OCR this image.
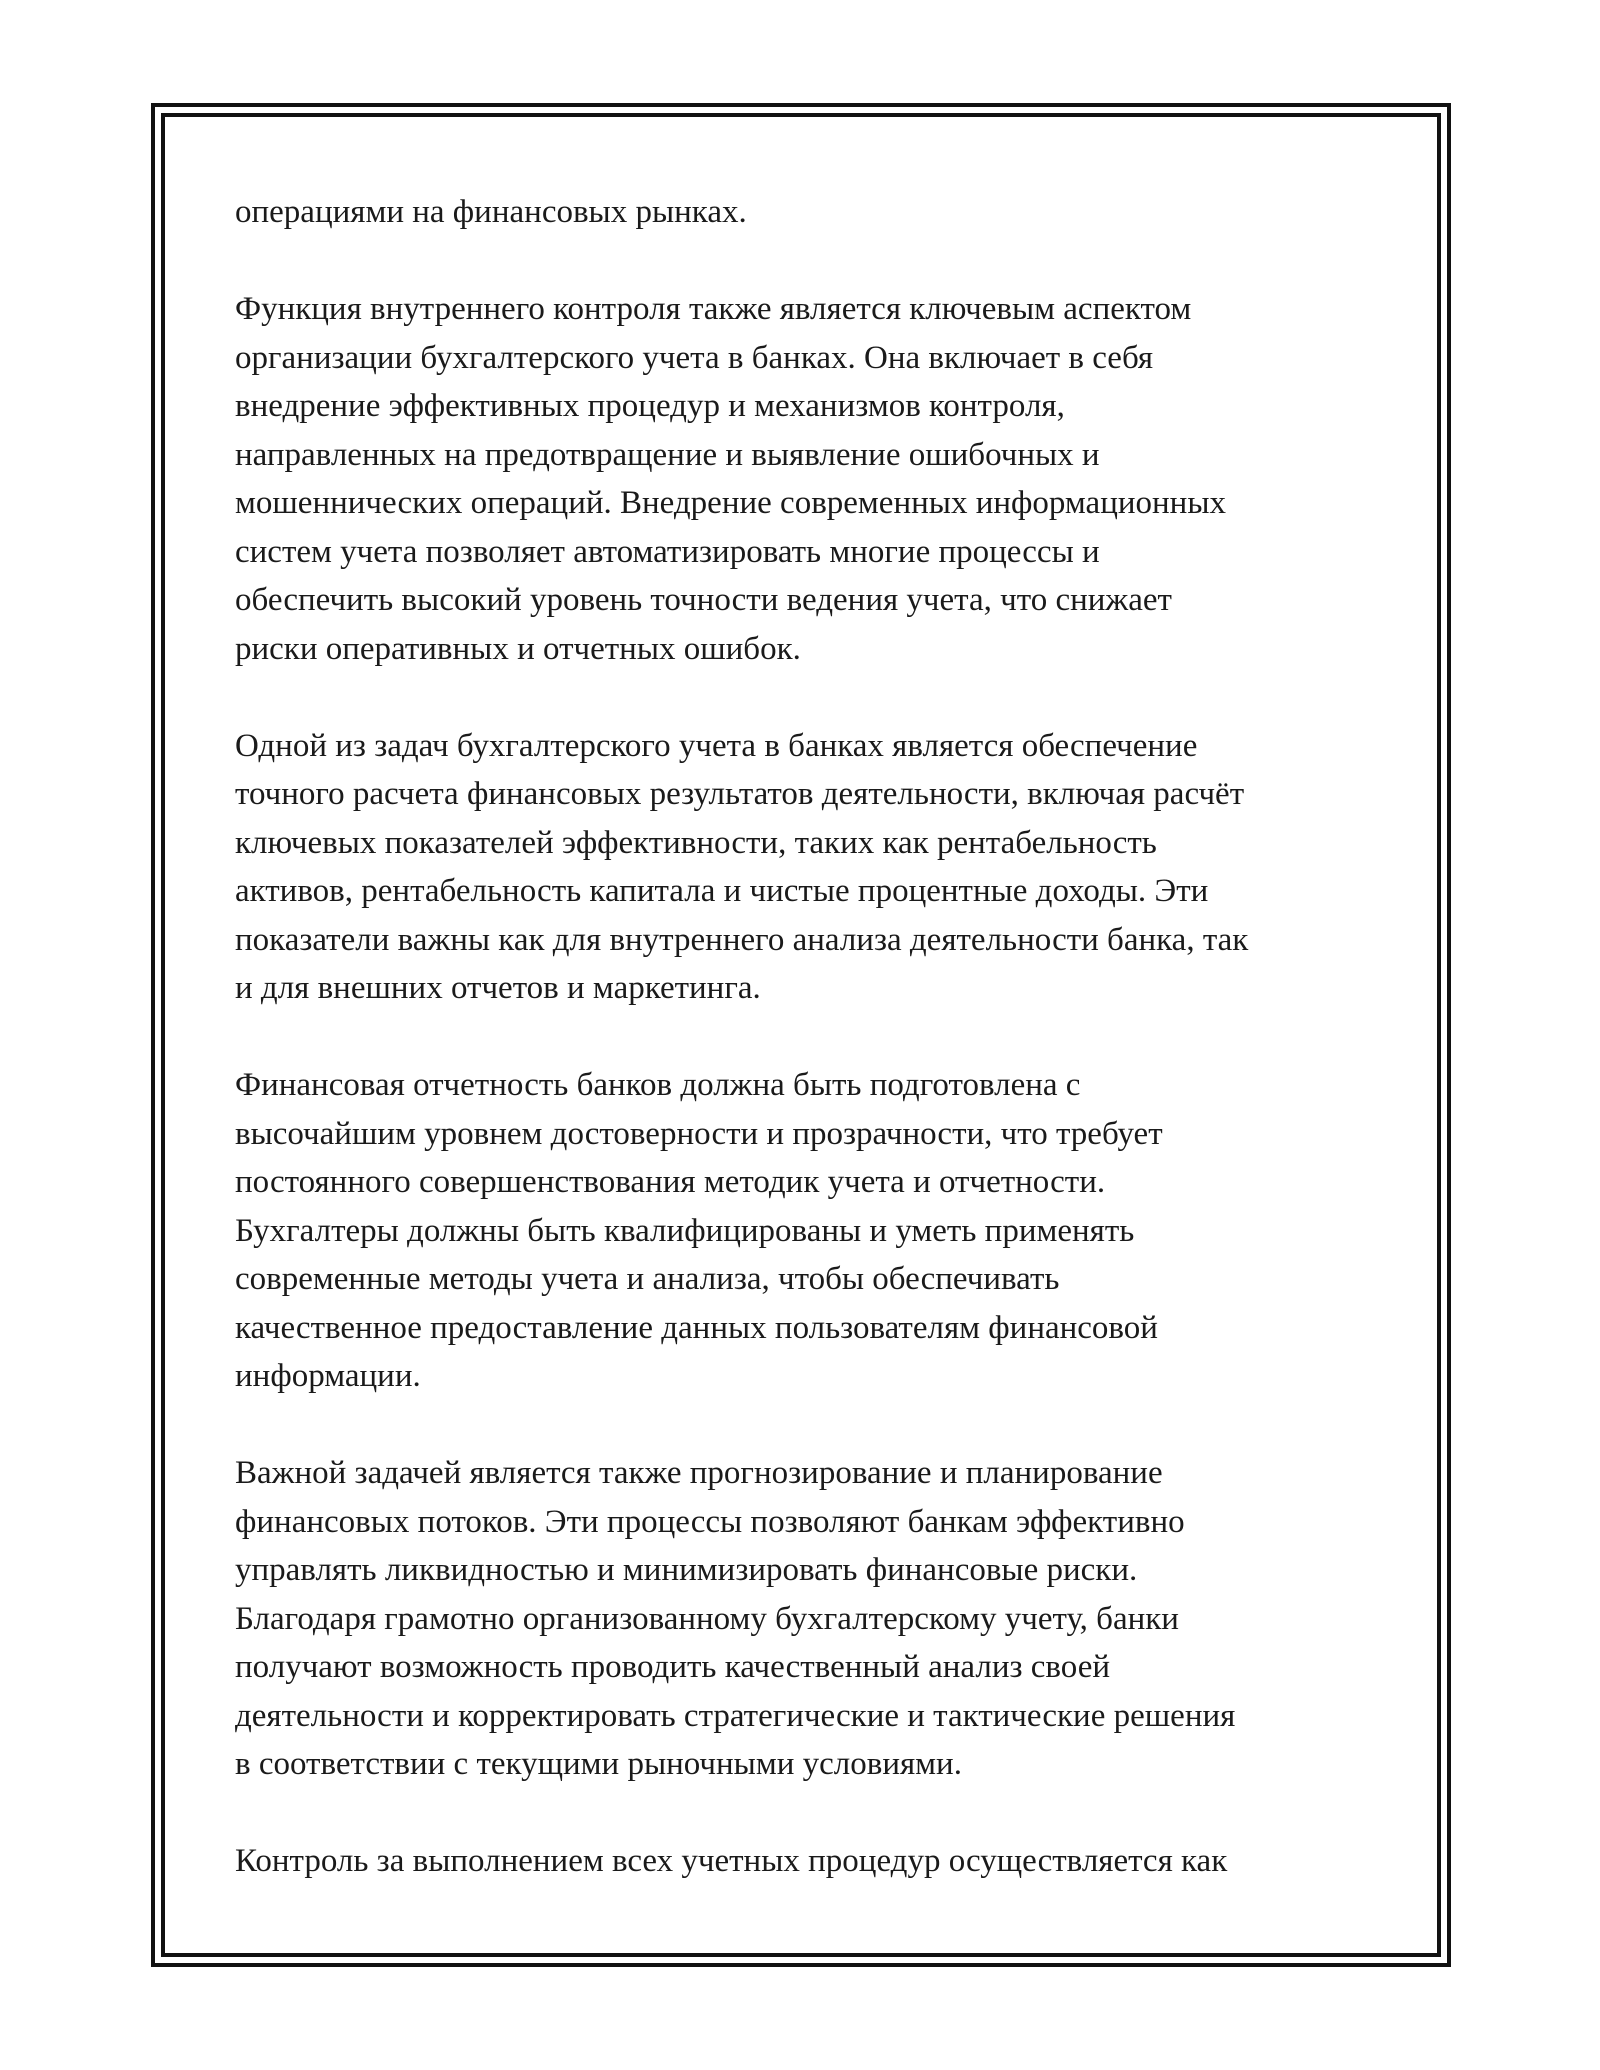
операциями на финансовых рынках.

Функция внутреннего контроля также является ключевым аспектом
организации бухгалтерского учета в банках. Она включает в себя
внедрение эффективных процедур и механизмов контроля,
направленных на предотвращение и выявление ошибочных и
мошеннических операций. Внедрение современных информационных
систем учета позволяет автоматизировать многие процессы и
обеспечить высокий уровень точности ведения учета, что снижает
риски оперативных и отчетных ошибок.

Одной из задач бухгалтерского учета в банках является обеспечение
точного расчета финансовых результатов деятельности, включая расчёт
ключевых показателей эффективности, таких как рентабельность
активов, рентабельность капитала и чистые процентные доходы. Эти
показатели важны как для внутреннего анализа деятельности банка, так
и для внешних отчетов и маркетинга.

Финансовая отчетность банков должна быть подготовлена с
высочайшим уровнем достоверности и прозрачности, что требует
постоянного совершенствования методик учета и отчетности.
Бухгалтеры должны быть квалифицированы и уметь применять
современные методы учета и анализа, чтобы обеспечивать
качественное предоставление данных пользователям финансовой
информации.

Важной задачей является также прогнозирование и планирование
финансовых потоков. Эти процессы позволяют банкам эффективно
управлять ликвидностью и минимизировать финансовые риски.
Благодаря грамотно организованному бухгалтерскому учету, банки
получают возможность проводить качественный анализ своей
деятельности и корректировать стратегические и тактические решения
в соответствии с текущими рыночными условиями.

Контроль за выполнением всех учетных процедур осуществляется как
